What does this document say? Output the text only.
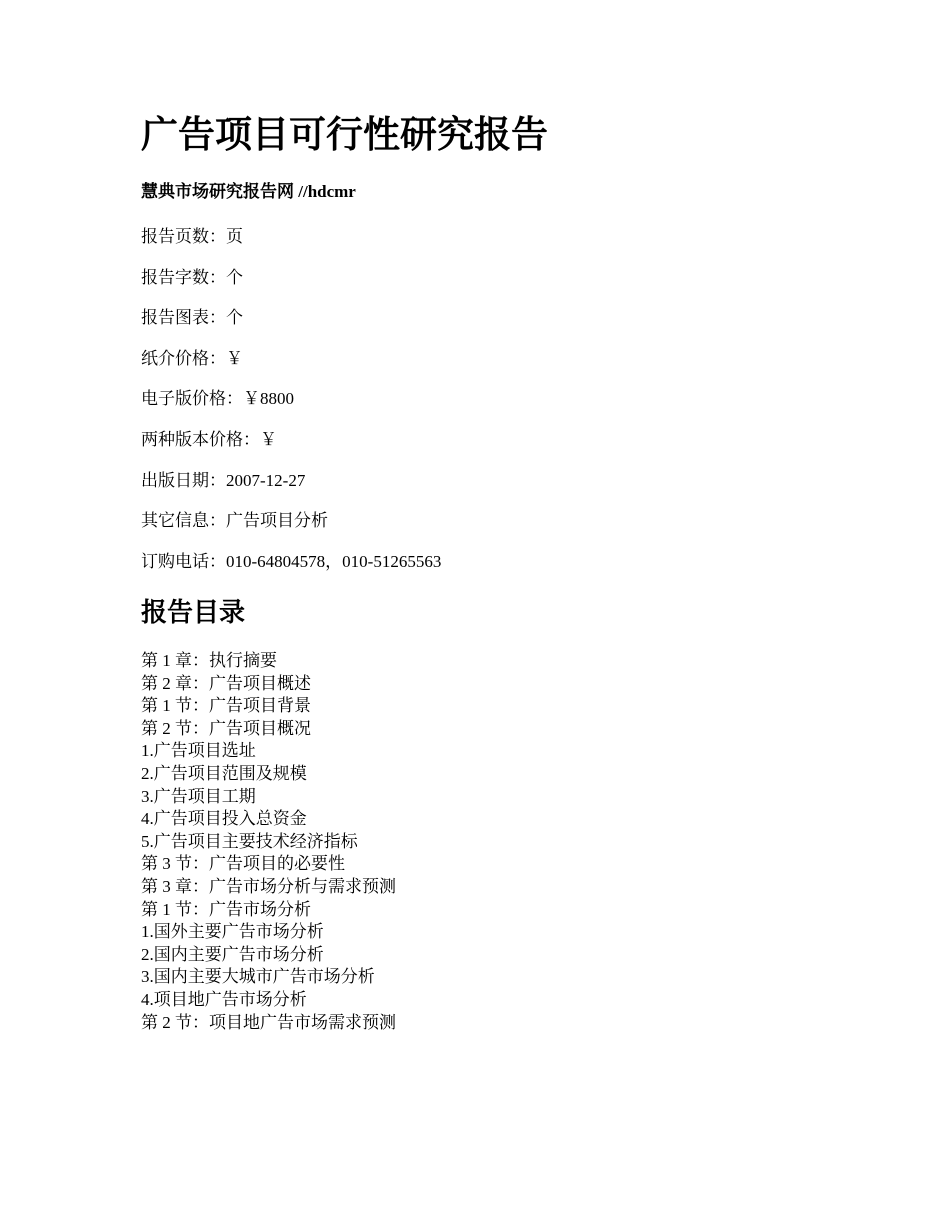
广告项目可行性研究报告

慧典市场研究报告网 //hdcmr

报告页数：页
报告字数：个
报告图表：个
纸介价格：￥
电子版价格：￥8800
两种版本价格：￥
出版日期：2007-12-27
其它信息：广告项目分析
订购电话：010-64804578，010-51265563
报告目录
第 1 章：执行摘要
第 2 章：广告项目概述
第 1 节：广告项目背景
第 2 节：广告项目概况
1.广告项目选址
2.广告项目范围及规模
3.广告项目工期
4.广告项目投入总资金
5.广告项目主要技术经济指标
第 3 节：广告项目的必要性
第 3 章：广告市场分析与需求预测
第 1 节：广告市场分析
1.国外主要广告市场分析
2.国内主要广告市场分析
3.国内主要大城市广告市场分析
4.项目地广告市场分析
第 2 节：项目地广告市场需求预测
